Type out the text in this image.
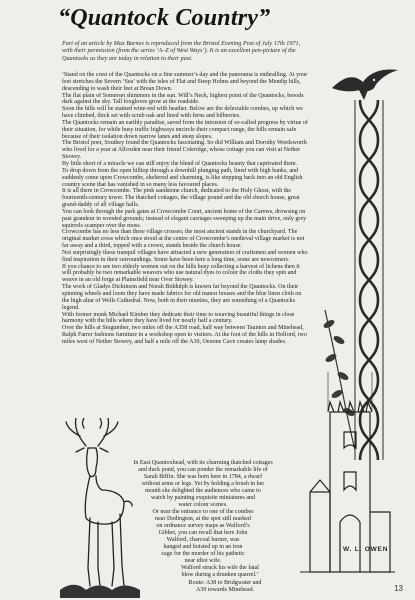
“Quantock Country”
Part of an article by Max Barnes is reproduced from the Bristol Evening Post of July 17th 1971, with their permission (from the series ‘A–Z of West Ways’). It is an excellent pen-picture of the Quantocks as they are today in relation to their past.

‘Stand on the crest of the Quantocks on a fine summer’s day and the panorama is enthralling. At your feet stretches the Severn ‘Sea’ with the isles of Flat and Steep Holms and beyond the Mendip hills, descending to wash their feet at Brean Down.

The flat plain of Somerset shimmers in the sun. Will’s Neck, highest point of the Quantocks, broods dark against the sky. Tall foxgloves grow at the roadside.

Soon the hills will be stained wine-red with heather. Below are the delectable combes, up which we have climbed, thick set with scrub oak and lined with ferns and bilberries.

The Quantocks remain an earthly paradise, saved from the intrusion of so-called progress by virtue of their situation, for while busy traffic highways encircle their compact range, the hills remain safe because of their isolation down narrow lanes and steep slopes.

The Bristol poet, Southey found the Quantocks fascinating. So did William and Dorothy Wordsworth who lived for a year at Alfoxden near their friend Coleridge, whose cottage you can visit at Nether Stowey.

By little short of a miracle we can still enjoy the blend of Quantocks beauty that captivated them.

To drop down from the open hilltop through a downhill plunging path, lined with high banks, and suddenly come upon Crowcombe, sheltered and charming, is like stepping back into an old English country scene that has vanished in so many less favoured places.

It is all there in Crowcombe. The pink sandstone church, dedicated to the Holy Ghost, with the fourteenth-century tower. The thatched cottages, the village pound and the old church house, great grand-daddy of all village halls.

You can look through the park gates at Crowcombe Court, ancient home of the Carews, drowsing on past grandeur in wooded grounds; instead of elegant carriages sweeping up the main drive, only grey squirrels scamper over the moss.

Crowcombe has no less than three village crosses; the most ancient stands in the churchyard. The original market cross which once stood at the centre of Crowcombe’s medieval village market is not far away and a third, topped with a crown, stands beside the church house.

Not surprisingly these tranquil villages have attracted a new generation of craftsmen and women who find inspiration in their surroundings. Some have been here a long time, some are newcomers.

If you chance to see two elderly women out on the hills busy collecting a harvest of lichens then it will probably be two remarkable weavers who use natural dyes to colour the cloths they spin and weave in an old forge at Plainsfield near Over Stowey.

The work of Gladys Dickinson and Norah Biddulph is known far beyond the Quantocks. On their spinning wheels and loom they have made fabrics for old manor houses and the blue linen cloth on the high altar of Wells Cathedral. Now, both in their nineties, they are something of a Quantocks legend.

With former monk Michael Kimber they dedicate their time to weaving beautiful things in close harmony with the hills where they have lived for nearly half a century.

Over the hills at Stogumber, two miles off the A358 road, half way between Taunton and Minehead, Ralph Farrer fashions furniture in a workshop open to visitors. At the foot of the hills in Holford, two miles west of Nether Stowey, and half a mile off the A39, Oenone Cave creates lamp shades.

In East Quantoxhead, with its charming thatched cottages
and duck pond, you can ponder the remarkable life of
Sarah Biffin. She was born here in 1784, a dwarf
without arms or legs. Yet by holding a brush in her
mouth she delighted the audiences who came to
watch by painting exquisite miniatures and
water colour scenes.
Or near the entrance to one of the combes
near Dodington, at the spot still marked
on ordnance survey maps as Walford’s
Gibbet, you can recall that here John
Walford, charcoal burner, was
hanged and hoisted up in an iron
cage for the murder of his pathetic
near idiot wife.
Walford struck his wife the fatal
blow during a drunken quarrel.’
Route: A38 to Bridgwater and
A39 towards Minehead.
W. L. OWEN
13
